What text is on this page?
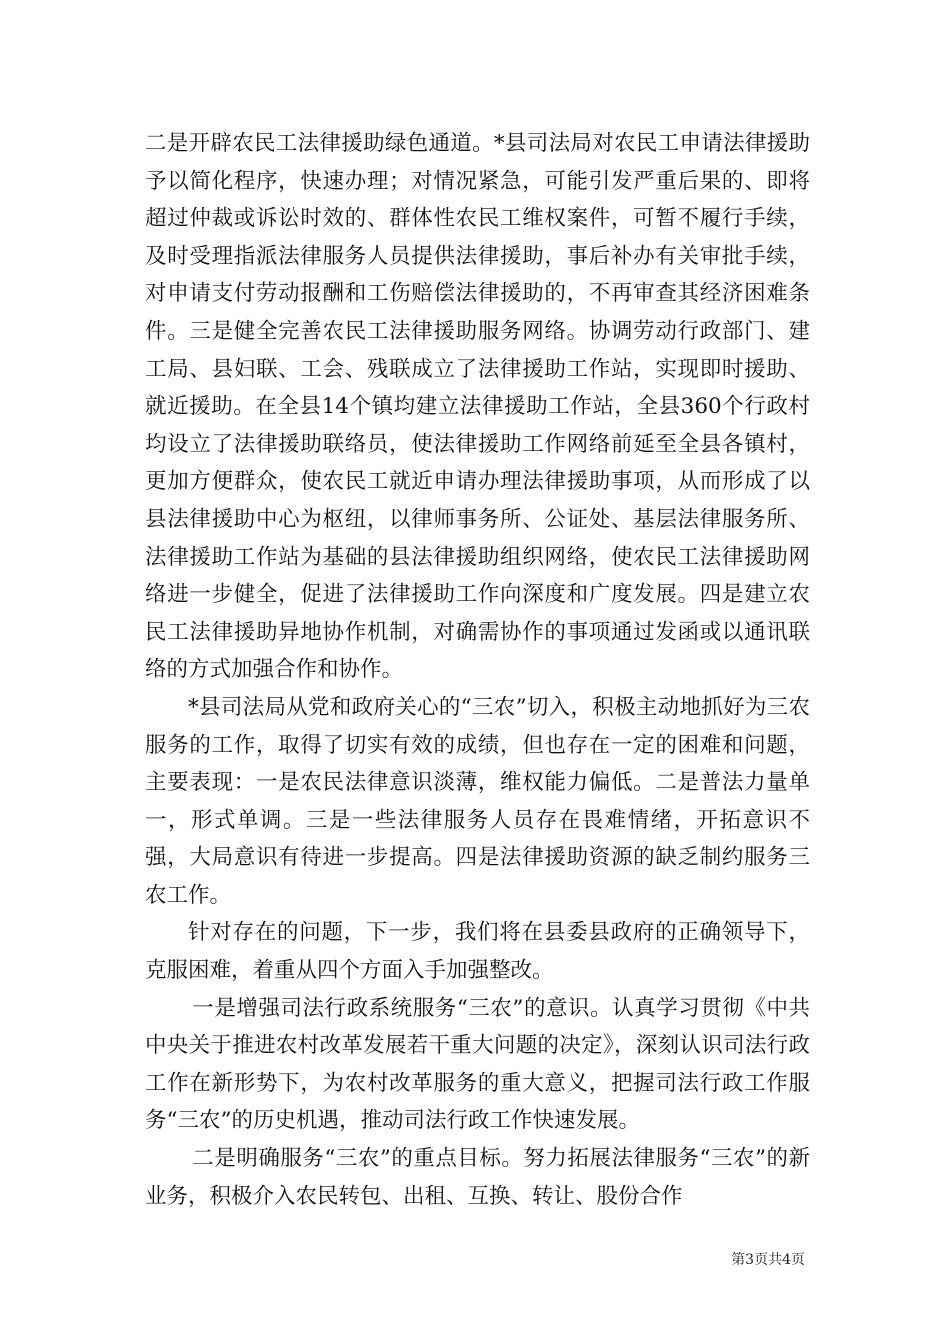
二是开辟农民工法律援助绿色通道。*县司法局对农民工申请法律援助予以简化程序，快速办理；对情况紧急，可能引发严重后果的、即将超过仲裁或诉讼时效的、群体性农民工维权案件，可暂不履行手续，及时受理指派法律服务人员提供法律援助，事后补办有关审批手续，对申请支付劳动报酬和工伤赔偿法律援助的，不再审查其经济困难条件。三是健全完善农民工法律援助服务网络。协调劳动行政部门、建工局、县妇联、工会、残联成立了法律援助工作站，实现即时援助、就近援助。在全县14个镇均建立法律援助工作站，全县360个行政村均设立了法律援助联络员，使法律援助工作网络前延至全县各镇村，更加方便群众，使农民工就近申请办理法律援助事项，从而形成了以县法律援助中心为枢纽，以律师事务所、公证处、基层法律服务所、法律援助工作站为基础的县法律援助组织网络，使农民工法律援助网络进一步健全，促进了法律援助工作向深度和广度发展。四是建立农民工法律援助异地协作机制，对确需协作的事项通过发函或以通讯联络的方式加强合作和协作。

*县司法局从党和政府关心的“三农”切入，积极主动地抓好为三农服务的工作，取得了切实有效的成绩，但也存在一定的困难和问题，主要表现：一是农民法律意识淡薄，维权能力偏低。二是普法力量单一，形式单调。三是一些法律服务人员存在畏难情绪，开拓意识不强，大局意识有待进一步提高。四是法律援助资源的缺乏制约服务三农工作。

针对存在的问题，下一步，我们将在县委县政府的正确领导下，克服困难，着重从四个方面入手加强整改。

一是增强司法行政系统服务“三农”的意识。认真学习贯彻《中共中央关于推进农村改革发展若干重大问题的决定》，深刻认识司法行政工作在新形势下，为农村改革服务的重大意义，把握司法行政工作服务“三农”的历史机遇，推动司法行政工作快速发展。

二是明确服务“三农”的重点目标。努力拓展法律服务“三农”的新业务，积极介入农民转包、出租、互换、转让、股份合作

第3页共4页
